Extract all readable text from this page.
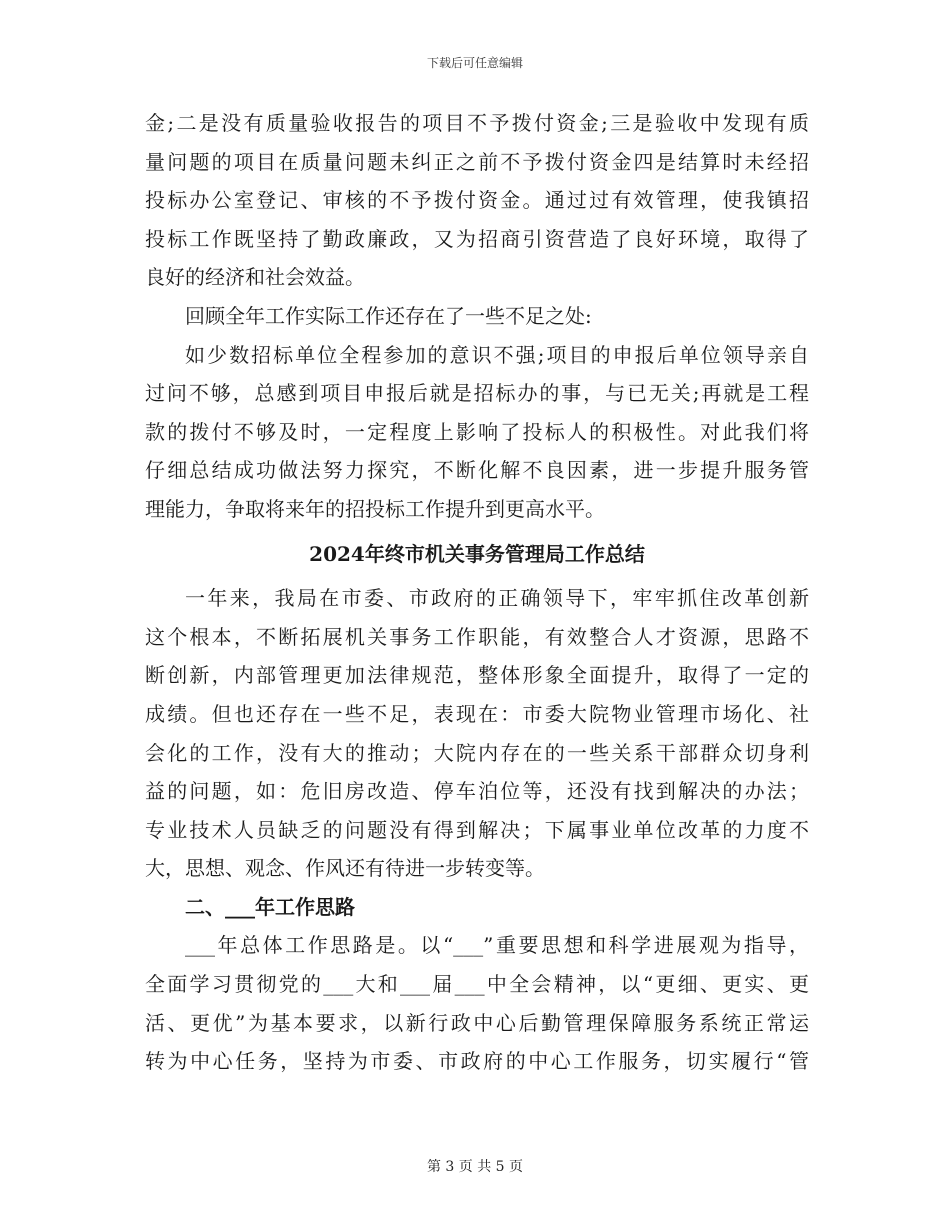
下载后可任意编辑
金;二是没有质量验收报告的项目不予拨付资金;三是验收中发现有质
量问题的项目在质量问题未纠正之前不予拨付资金四是结算时未经招
投标办公室登记、审核的不予拨付资金。通过过有效管理，使我镇招
投标工作既坚持了勤政廉政，又为招商引资营造了良好环境，取得了
良好的经济和社会效益。
回顾全年工作实际工作还存在了一些不足之处:
如少数招标单位全程参加的意识不强;项目的申报后单位领导亲自
过问不够，总感到项目申报后就是招标办的事，与已无关;再就是工程
款的拨付不够及时，一定程度上影响了投标人的积极性。对此我们将
仔细总结成功做法努力探究，不断化解不良因素，进一步提升服务管
理能力，争取将来年的招投标工作提升到更高水平。
2024年终市机关事务管理局工作总结
一年来，我局在市委、市政府的正确领导下，牢牢抓住改革创新
这个根本，不断拓展机关事务工作职能，有效整合人才资源，思路不
断创新，内部管理更加法律规范，整体形象全面提升，取得了一定的
成绩。但也还存在一些不足，表现在：市委大院物业管理市场化、社
会化的工作，没有大的推动；大院内存在的一些关系干部群众切身利
益的问题，如：危旧房改造、停车泊位等，还没有找到解决的办法；
专业技术人员缺乏的问题没有得到解决；下属事业单位改革的力度不
大，思想、观念、作风还有待进一步转变等。
二、___年工作思路
___年总体工作思路是。以“___”重要思想和科学进展观为指导，
全面学习贯彻党的___大和___届___中全会精神，以“更细、更实、更
活、更优”为基本要求，以新行政中心后勤管理保障服务系统正常运
转为中心任务，坚持为市委、市政府的中心工作服务，切实履行“管
第 3 页 共 5 页
